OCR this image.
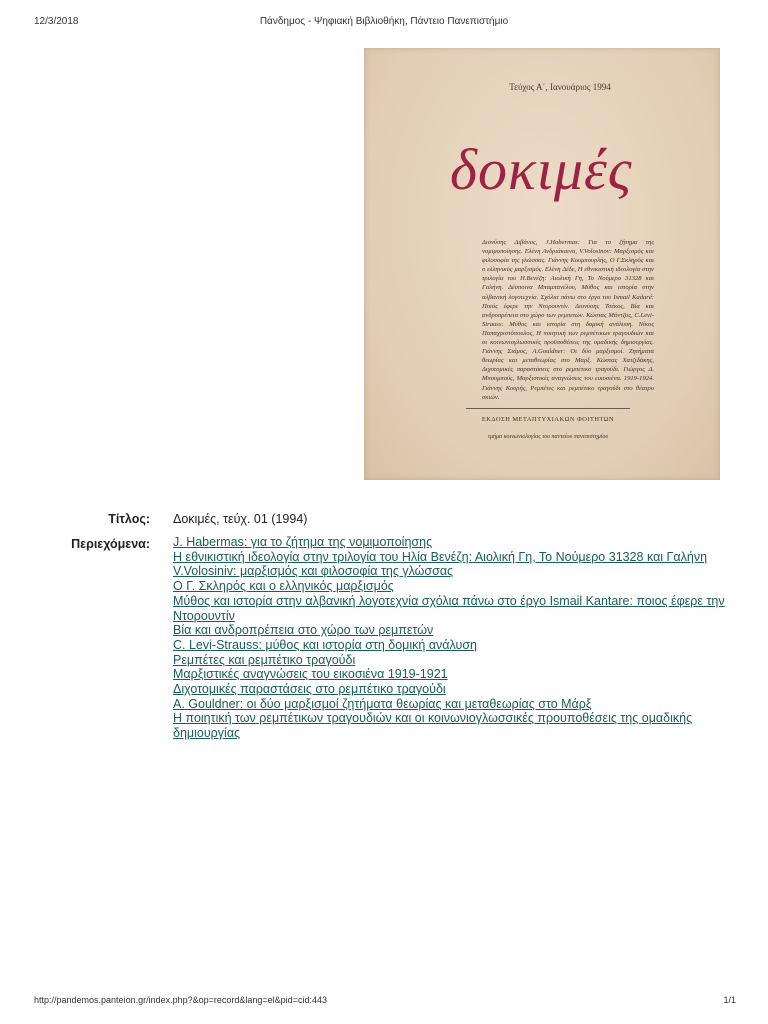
12/3/2018	Πάνδημος - Ψηφιακή Βιβλιοθήκη, Πάντειο Πανεπιστήμιο
Τεύχος Α΄, Ιανουάριος 1994
δοκιμές
Διονύσης Διβάνος, J.Habermas: Για το ζήτημα της νομιμοποίησης. Ελένη Ανδριάκαινα, V.Volosinov: Μαρξισμός και φιλοσοφία της γλώσσας. Γιάννης Κουμπουρλής, Ο Γ.Σκληρός και ο ελληνικός μαρξισμός. Ελένη Δέδε, Η εθνικιστική ιδεολογία στην τριλογία του Η.Βενέζη: Αιολική Γη, Το Νούμερο 31328 και Γαλήνη. Δέσποινα Μπαμπανέλου, Μύθος και ιστορία στην αλβανική λογοτεχνία. Σχόλια πάνω στο έργο του Ismail Kadaré: Ποιός έφερε την Ντορουντίν. Διονύσης Τσέκος, Βία και ανδροπρέπεια στο χώρο των ρεμπετών. Κώστας Μάντζος, C.Levi-Strauss: Μύθος και ιστορία στη δομική ανάλυση. Νίκος Παπαχριστόπουλος, Η ποιητική των ρεμπέτικων τραγουδιών και οι κοινωνιογλωσσικές προϋποθέσεις της ομαδικής δημιουργίας. Γιάννης Σιάμος, A.Gouldner: Οι δύο μαρξισμοί. Ζητήματα θεωρίας και μεταθεωρίας στο Μαρξ. Κώστας Χατζιδάκης, Διχοτομικές παραστάσεις στο ρεμπέτικο τραγούδι. Γιώργος Δ. Μπουμπούς, Μαρξιστικές αναγνώσεις του εικοσιένα. 1919-1924. Γιάννης Κουρής, Ρεμπέτες και ρεμπέτικο τραγούδι στο θέατρο σκιών.
ΕΚΔΟΣΗ ΜΕΤΑΠΤΥΧΙΑΚΩΝ ΦΟΙΤΗΤΩΝ
τμήμα κοινωνιολογίας του παντείου πανεπιστημίου
Τίτλος: Δοκιμές, τεύχ. 01 (1994)
Περιεχόμενα: J. Habermas: για το ζήτημα της νομιμοποίησης
Η εθνικιστική ιδεολογία στην τριλογία του Ηλία Βενέζη: Αιολική Γη, Το Νούμερο 31328 και Γαλήνη
V.Volosiniv: μαρξισμός και φιλοσοφία της γλώσσας
Ο Γ. Σκληρός και ο ελληνικός μαρξισμός
Μύθος και ιστορία στην αλβανική λογοτεχνία σχόλια πάνω στο έργο Ismail Kantare: ποιος έφερε την Ντορουντίν
Βία και ανδροπρέπεια στο χώρο των ρεμπετών
C. Levi-Strauss: μύθος και ιστορία στη δομική ανάλυση
Ρεμπέτες και ρεμπέτικο τραγούδι
Μαρξιστικές αναγνώσεις του εικοσιένα 1919-1921
Διχοτομικές παραστάσεις στο ρεμπέτικο τραγούδι
A. Gouldner: οι δύο μαρξισμοί ζητήματα θεωρίας και μεταθεωρίας στο Μάρξ
Η ποιητική των ρεμπέτικων τραγουδιών και οι κοινωνιογλωσσικές προυποθέσεις της ομαδικής δημιουργίας
http://pandemos.panteion.gr/index.php?&op=record&lang=el&pid=cid:443	1/1
